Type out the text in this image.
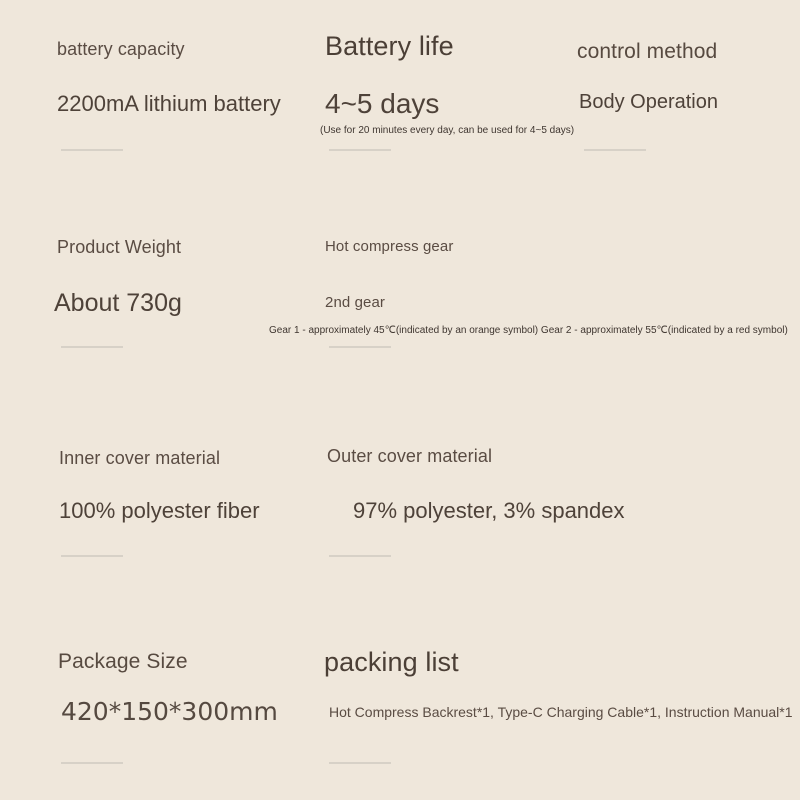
battery capacity
2200mA lithium battery
Battery life
4~5 days
(Use for 20 minutes every day, can be used for 4~5 days)
control method
Body Operation
Product Weight
About 730g
Hot compress gear
2nd gear
Gear 1 - approximately 45℃(indicated by an orange symbol) Gear 2 - approximately 55℃(indicated by a red symbol)
Inner cover material
100% polyester fiber
Outer cover material
97% polyester, 3% spandex
Package Size
420*150*300mm
packing list
Hot Compress Backrest*1, Type-C Charging Cable*1, Instruction Manual*1
